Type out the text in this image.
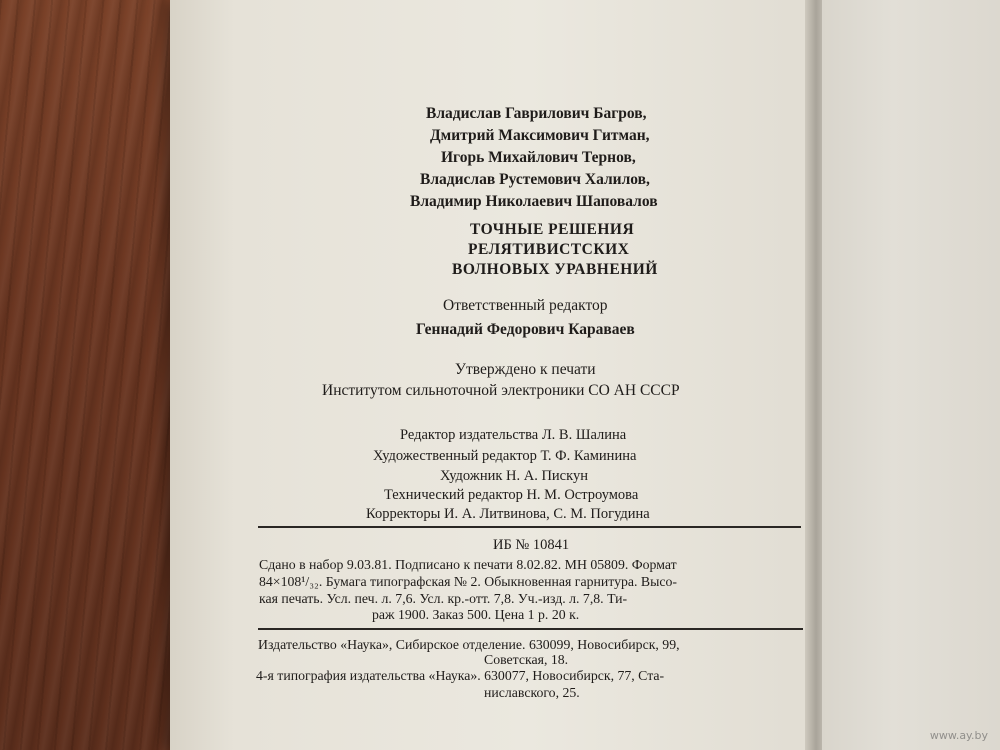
Владислав Гаврилович Багров,
Дмитрий Максимович Гитман,
Игорь Михайлович Тернов,
Владислав Рустемович Халилов,
Владимир Николаевич Шаповалов
ТОЧНЫЕ РЕШЕНИЯ
РЕЛЯТИВИСТСКИХ
ВОЛНОВЫХ УРАВНЕНИЙ
Ответственный редактор
Геннадий Федорович Караваев
Утверждено к печати
Институтом сильноточной электроники СО АН СССР
Редактор издательства Л. В. Шалина
Художественный редактор Т. Ф. Каминина
Художник Н. А. Пискун
Технический редактор Н. М. Остроумова
Корректоры И. А. Литвинова, С. М. Погудина
ИБ № 10841
Сдано в набор 9.03.81. Подписано к печати 8.02.82. МН 05809. Формат
84×108¹/₃₂. Бумага типографская № 2. Обыкновенная гарнитура. Высо-
кая печать. Усл. печ. л. 7,6. Усл. кр.-отт. 7,8. Уч.-изд. л. 7,8. Ти-
раж 1900. Заказ 500. Цена 1 р. 20 к.
Издательство «Наука», Сибирское отделение. 630099, Новосибирск, 99,
Советская, 18.
4-я типография издательства «Наука». 630077, Новосибирск, 77, Ста-
ниславского, 25.
www.ay.by
